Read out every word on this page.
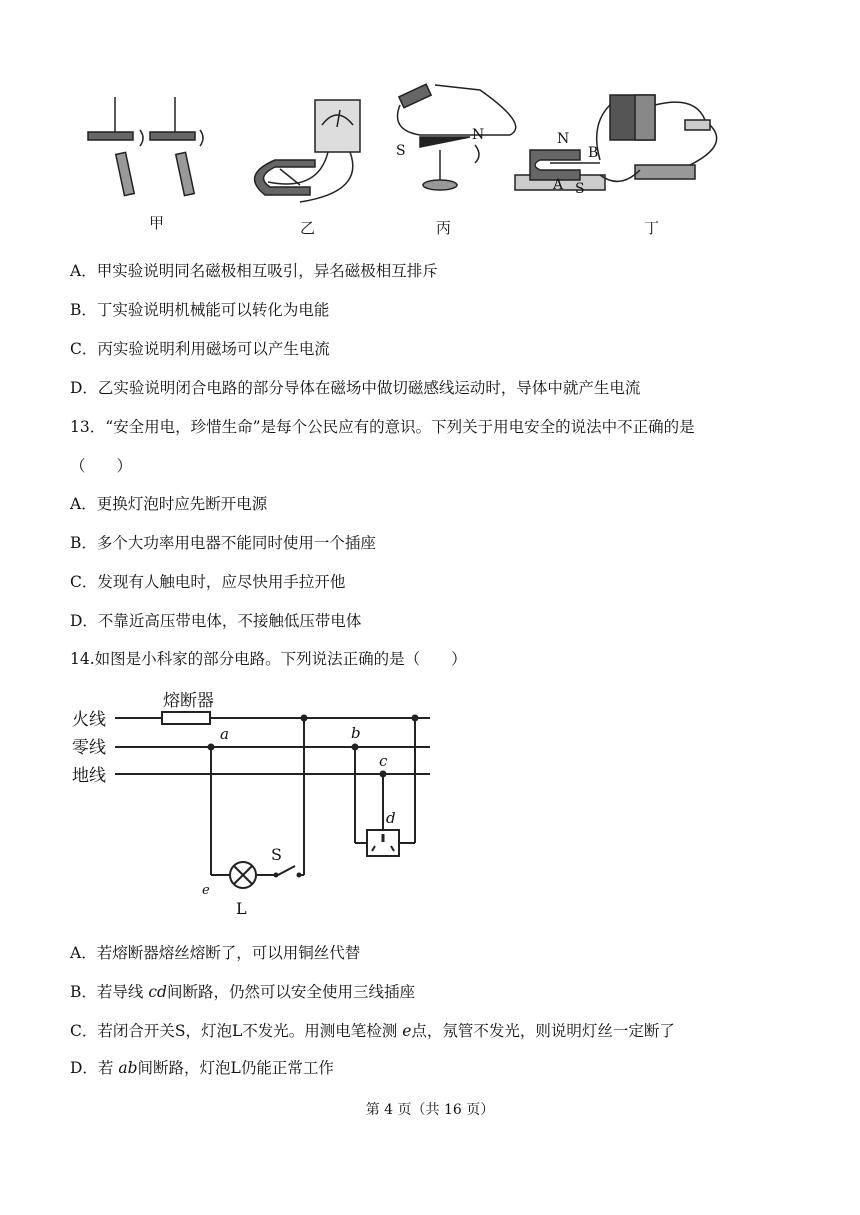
S
N	N
B
A S
甲	乙	丙	丁
A．甲实验说明同名磁极相互吸引，异名磁极相互排斥
B．丁实验说明机械能可以转化为电能
C．丙实验说明利用磁场可以产生电流
D．乙实验说明闭合电路的部分导体在磁场中做切磁感线运动时，导体中就产生电流
13．“安全用电，珍惜生命”是每个公民应有的意识。下列关于用电安全的说法中不正确的是
（　　）
A．更换灯泡时应先断开电源
B．多个大功率用电器不能同时使用一个插座
C．发现有人触电时，应尽快用手拉开他
D．不靠近高压带电体，不接触低压带电体
14.如图是小科家的部分电路。下列说法正确的是（　　）
熔断器
火线
零线
地线
a	b
c
d
e
S
L
A．若熔断器熔丝熔断了，可以用铜丝代替
B．若导线 cd间断路，仍然可以安全使用三线插座
C．若闭合开关S，灯泡L不发光。用测电笔检测 e点，氖管不发光，则说明灯丝一定断了
D．若 ab间断路，灯泡L仍能正常工作
第 4 页（共 16 页）
